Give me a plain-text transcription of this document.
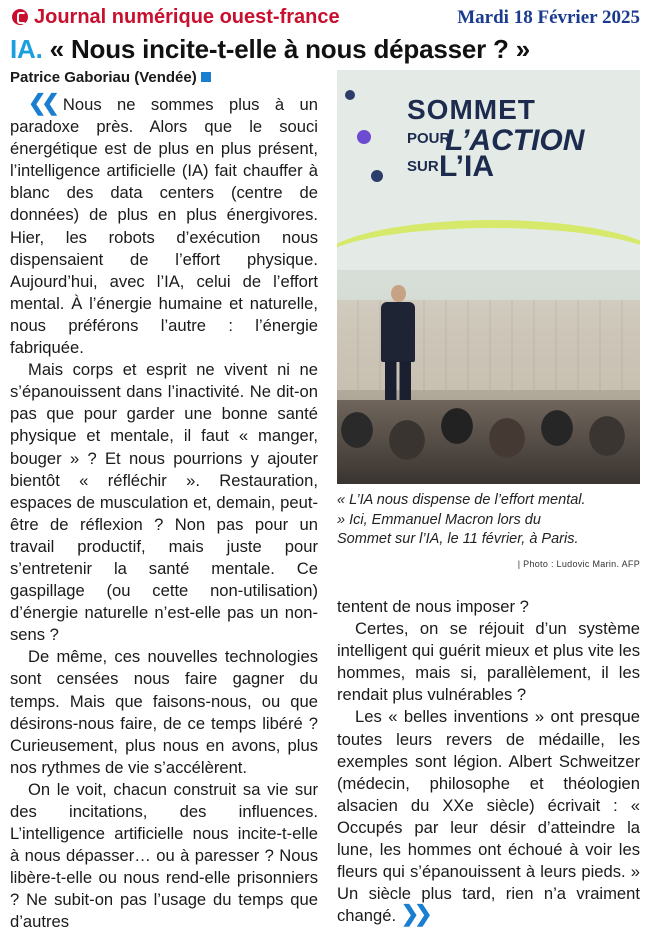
Journal numérique ouest-france	Mardi 18 Février 2025
IA. « Nous incite-t-elle à nous dépasser ? »
Patrice Gaboriau (Vendée)

❮❮ Nous ne sommes plus à un paradoxe près. Alors que le souci énergétique est de plus en plus présent, l’intelligence artificielle (IA) fait chauffer à blanc des data centers (centre de données) de plus en plus énergivores. Hier, les robots d’exécution nous dispensaient de l’effort physique. Aujourd’hui, avec l’IA, celui de l’effort mental. À l’énergie humaine et naturelle, nous préférons l’autre : l’énergie fabriquée.

Mais corps et esprit ne vivent ni ne s’épanouissent dans l’inactivité. Ne dit-on pas que pour garder une bonne santé physique et mentale, il faut « manger, bouger » ? Et nous pourrions y ajouter bientôt « réfléchir ». Restauration, espaces de musculation et, demain, peut-être de réflexion ? Non pas pour un travail productif, mais juste pour s’entretenir la santé mentale. Ce gaspillage (ou cette non-utilisation) d’énergie naturelle n’est-elle pas un non-sens ?

De même, ces nouvelles technologies sont censées nous faire gagner du temps. Mais que faisons-nous, ou que désirons-nous faire, de ce temps libéré ? Curieusement, plus nous en avons, plus nos rythmes de vie s’accélèrent.

On le voit, chacun construit sa vie sur des incitations, des influences. L’intelligence artificielle nous incite-t-elle à nous dépasser… ou à paresser ? Nous libère-t-elle ou nous rend-elle prisonniers ? Ne subit-on pas l’usage du temps que d’autres

SOMMET
POUR
L’ACTION
SUR L’IA
« L’IA nous dispense de l’effort mental. » Ici, Emmanuel Macron lors du Sommet sur l’IA, le 11 février, à Paris.
| Photo : Ludovic Marin. AFP

tentent de nous imposer ?

Certes, on se réjouit d’un système intelligent qui guérit mieux et plus vite les hommes, mais si, parallèlement, il les rendait plus vulnérables ?

Les « belles inventions » ont presque toutes leurs revers de médaille, les exemples sont légion. Albert Schweitzer (médecin, philosophe et théologien alsacien du XXe siècle) écrivait : « Occupés par leur désir d’atteindre la lune, les hommes ont échoué à voir les fleurs qui s’épanouissent à leurs pieds. » Un siècle plus tard, rien n’a vraiment changé. ❯❯
